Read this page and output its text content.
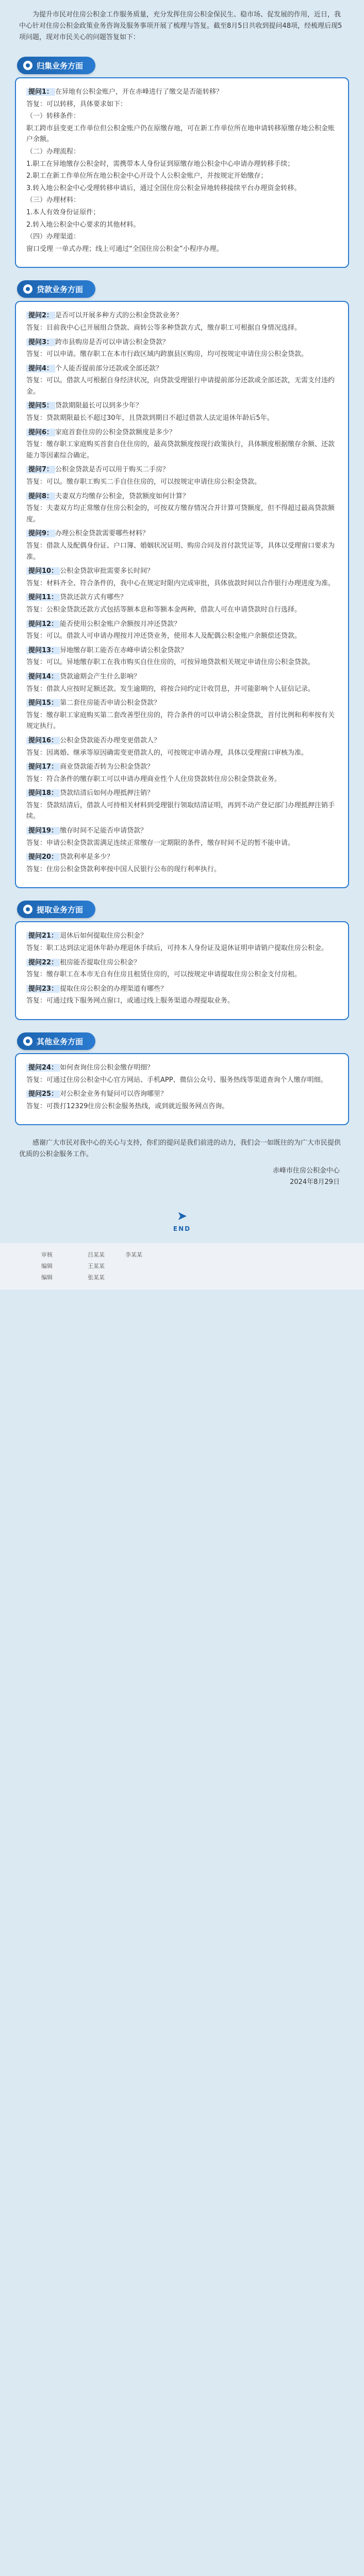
为提升市民对住房公积金工作服务质量，充分发挥住房公积金保民生、稳市场、促发展的作用，近日，我中心针对住房公积金政策业务咨询及服务事项开展了梳理与答复。截至8月5日共收到提问48项，经梳理后现5项问题，现对市民关心的问题答复如下：

归集业务方面

提问1： 在异地有公积金账户，开在赤峰进行了缴交是否能转移？

答复：可以转移，具体要求如下：

（一）转移条件：

职工跨市县变更工作单位但公积金账户仍在原缴存地，可在新工作单位所在地申请转移原缴存地公积金账户余额。

（二）办理流程：

1.职工在异地缴存公积金时，需携带本人身份证到原缴存地公积金中心申请办理转移手续；

2.职工在新工作单位所在地公积金中心开设个人公积金账户，并按规定开始缴存；

3.转入地公积金中心受理转移申请后，通过全国住房公积金异地转移接续平台办理资金转移。

（三）办理材料：

1.本人有效身份证原件；

2.转入地公积金中心要求的其他材料。

（四）办理渠道：

窗口受理 一单式办理；线上可通过“全国住房公积金”小程序办理。

贷款业务方面

提问2： 是否可以开展多种方式的公积金贷款业务？

答复：目前我中心已开展组合贷款、商转公等多种贷款方式，缴存职工可根据自身情况选择。

提问3： 跨市县购房是否可以申请公积金贷款？

答复：可以申请。缴存职工在本市行政区域内跨旗县区购房，均可按规定申请住房公积金贷款。

提问4： 个人能否提前部分还款或全部还款？

答复：可以。借款人可根据自身经济状况，向贷款受理银行申请提前部分还款或全部还款，无需支付违约金。

提问5： 贷款期限最长可以到多少年？

答复：贷款期限最长不超过30年，且贷款到期日不超过借款人法定退休年龄后5年。

提问6： 家庭首套住房的公积金贷款额度是多少？

答复：缴存职工家庭购买首套自住住房的，最高贷款额度按现行政策执行，具体额度根据缴存余额、还款能力等因素综合确定。

提问7： 公积金贷款是否可以用于购买二手房？

答复：可以。缴存职工购买二手自住住房的，可以按规定申请住房公积金贷款。

提问8： 夫妻双方均缴存公积金，贷款额度如何计算？

答复：夫妻双方均正常缴存住房公积金的，可按双方缴存情况合并计算可贷额度，但不得超过最高贷款额度。

提问9： 办理公积金贷款需要哪些材料？

答复：借款人及配偶身份证、户口簿、婚姻状况证明、购房合同及首付款凭证等，具体以受理窗口要求为准。

提问10： 公积金贷款审批需要多长时间？

答复：材料齐全、符合条件的，我中心在规定时限内完成审批，具体放款时间以合作银行办理进度为准。

提问11： 贷款还款方式有哪些？

答复：公积金贷款还款方式包括等额本息和等额本金两种，借款人可在申请贷款时自行选择。

提问12： 能否使用公积金账户余额按月冲还贷款？

答复：可以。借款人可申请办理按月冲还贷业务，使用本人及配偶公积金账户余额偿还贷款。

提问13： 异地缴存职工能否在赤峰申请公积金贷款？

答复：可以。异地缴存职工在我市购买自住住房的，可按异地贷款相关规定申请住房公积金贷款。

提问14： 贷款逾期会产生什么影响？

答复：借款人应按时足额还款。发生逾期的，将按合同约定计收罚息，并可能影响个人征信记录。

提问15： 第二套住房能否申请公积金贷款？

答复：缴存职工家庭购买第二套改善型住房的，符合条件的可以申请公积金贷款，首付比例和利率按有关规定执行。

提问16： 公积金贷款能否办理变更借款人？

答复：因离婚、继承等原因确需变更借款人的，可按规定申请办理，具体以受理窗口审核为准。

提问17： 商业贷款能否转为公积金贷款？

答复：符合条件的缴存职工可以申请办理商业性个人住房贷款转住房公积金贷款业务。

提问18： 贷款结清后如何办理抵押注销？

答复：贷款结清后，借款人可持相关材料到受理银行领取结清证明，再到不动产登记部门办理抵押注销手续。

提问19： 缴存时间不足能否申请贷款？

答复：申请公积金贷款需满足连续正常缴存一定期限的条件，缴存时间不足的暂不能申请。

提问20： 贷款利率是多少？

答复：住房公积金贷款利率按中国人民银行公布的现行利率执行。

提取业务方面

提问21： 退休后如何提取住房公积金？

答复：职工达到法定退休年龄办理退休手续后，可持本人身份证及退休证明申请销户提取住房公积金。

提问22： 租房能否提取住房公积金？

答复：缴存职工在本市无自有住房且租赁住房的，可以按规定申请提取住房公积金支付房租。

提问23： 提取住房公积金的办理渠道有哪些？

答复：可通过线下服务网点窗口，或通过线上服务渠道办理提取业务。

其他业务方面

提问24： 如何查询住房公积金缴存明细？

答复：可通过住房公积金中心官方网站、手机APP、微信公众号、服务热线等渠道查询个人缴存明细。

提问25： 对公积金业务有疑问可以咨询哪里？

答复：可拨打12329住房公积金服务热线，或到就近服务网点咨询。

感谢广大市民对我中心的关心与支持，你们的提问是我们前进的动力，我们会一如既往的为广大市民提供优质的公积金服务工作。

赤峰市住房公积金中心
2024年8月29日
➤
END
审核	吕某某	李某某
编辑	王某某
编辑	张某某
